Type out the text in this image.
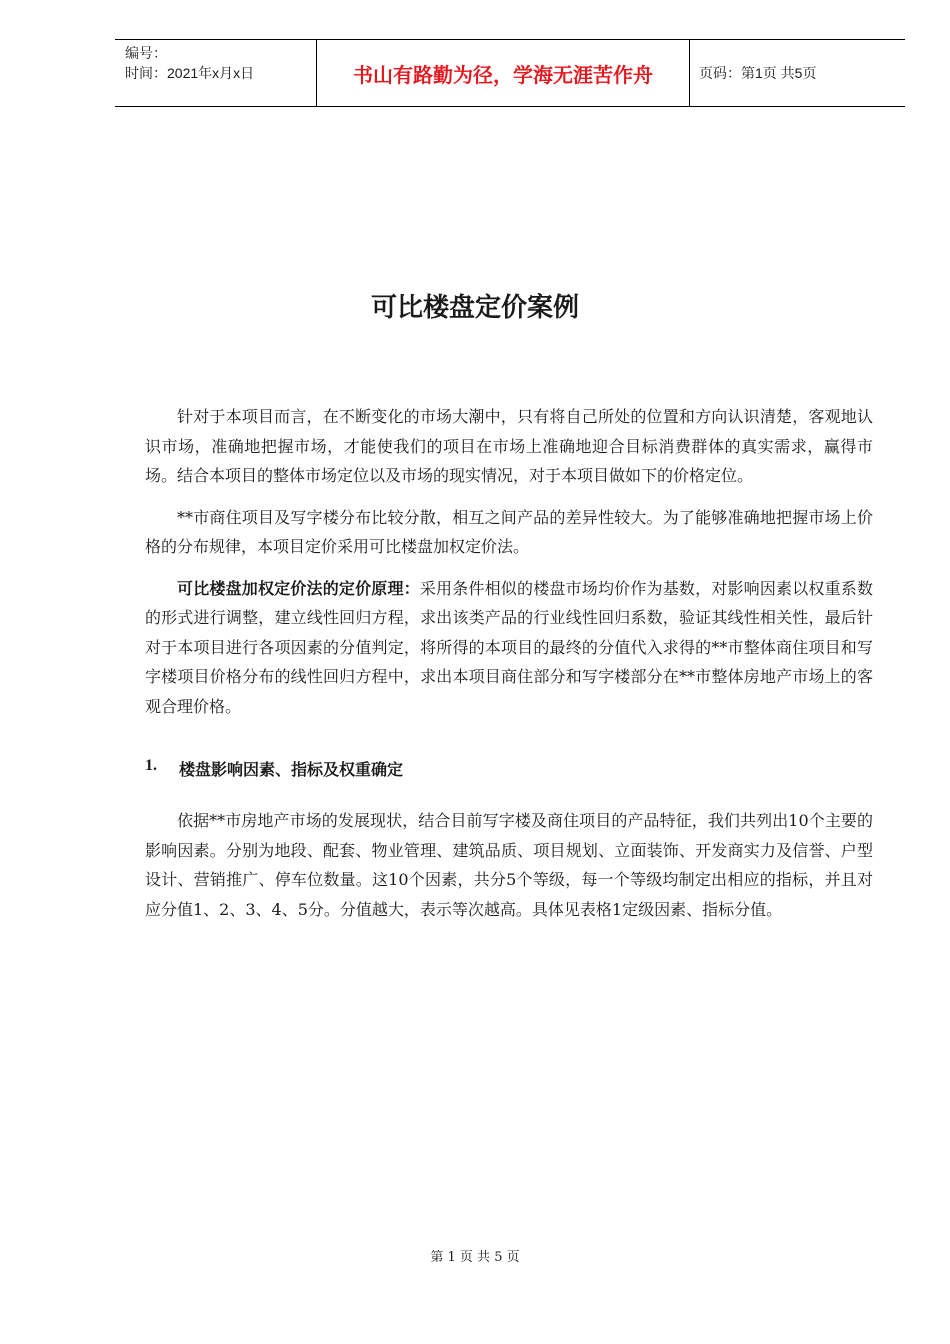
编号：
时间：2021年x月x日	书山有路勤为径，学海无涯苦作舟	页码：第1页 共5页
可比楼盘定价案例

针对于本项目而言，在不断变化的市场大潮中，只有将自己所处的位置和方向认识清楚，客观地认识市场，准确地把握市场，才能使我们的项目在市场上准确地迎合目标消费群体的真实需求，赢得市场。结合本项目的整体市场定位以及市场的现实情况，对于本项目做如下的价格定位。

**市商住项目及写字楼分布比较分散，相互之间产品的差异性较大。为了能够准确地把握市场上价格的分布规律，本项目定价采用可比楼盘加权定价法。

可比楼盘加权定价法的定价原理：采用条件相似的楼盘市场均价作为基数，对影响因素以权重系数的形式进行调整，建立线性回归方程，求出该类产品的行业线性回归系数，验证其线性相关性，最后针对于本项目进行各项因素的分值判定，将所得的本项目的最终的分值代入求得的**市整体商住项目和写字楼项目价格分布的线性回归方程中，求出本项目商住部分和写字楼部分在**市整体房地产市场上的客观合理价格。

1.	楼盘影响因素、指标及权重确定

依据**市房地产市场的发展现状，结合目前写字楼及商住项目的产品特征，我们共列出10个主要的影响因素。分别为地段、配套、物业管理、建筑品质、项目规划、立面装饰、开发商实力及信誉、户型设计、营销推广、停车位数量。这10个因素，共分5个等级，每一个等级均制定出相应的指标，并且对应分值1、2、3、4、5分。分值越大，表示等次越高。具体见表格1定级因素、指标分值。

第 1 页 共 5 页
